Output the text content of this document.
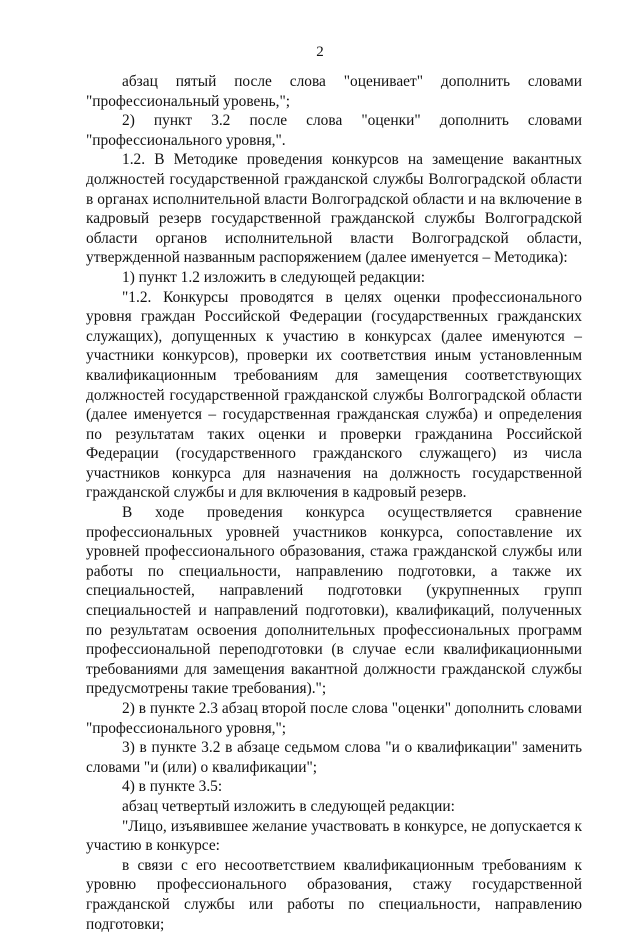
2

абзац пятый после слова "оценивает" дополнить словами "профессиональный уровень,";

2) пункт 3.2 после слова "оценки" дополнить словами "профессионального уровня,".

1.2. В Методике проведения конкурсов на замещение вакантных должностей государственной гражданской службы Волгоградской области в органах исполнительной власти Волгоградской области и на включение в кадровый резерв государственной гражданской службы Волгоградской области органов исполнительной власти Волгоградской области, утвержденной названным распоряжением (далее именуется – Методика):

1) пункт 1.2 изложить в следующей редакции:

"1.2. Конкурсы проводятся в целях оценки профессионального уровня граждан Российской Федерации (государственных гражданских служащих), допущенных к участию в конкурсах (далее именуются – участники конкурсов), проверки их соответствия иным установленным квалификационным требованиям для замещения соответствующих должностей государственной гражданской службы Волгоградской области (далее именуется – государственная гражданская служба) и определения по результатам таких оценки и проверки гражданина Российской Федерации (государственного гражданского служащего) из числа участников конкурса для назначения на должность государственной гражданской службы и для включения в кадровый резерв.

В ходе проведения конкурса осуществляется сравнение профессиональных уровней участников конкурса, сопоставление их уровней профессионального образования, стажа гражданской службы или работы по специальности, направлению подготовки, а также их специальностей, направлений подготовки (укрупненных групп специальностей и направлений подготовки), квалификаций, полученных по результатам освоения дополнительных профессиональных программ профессиональной переподготовки (в случае если квалификационными требованиями для замещения вакантной должности гражданской службы предусмотрены такие требования).";

2) в пункте 2.3 абзац второй после слова "оценки" дополнить словами "профессионального уровня,";

3) в пункте 3.2 в абзаце седьмом слова "и о квалификации" заменить словами "и (или) о квалификации";

4) в пункте 3.5:

абзац четвертый изложить в следующей редакции:

"Лицо, изъявившее желание участвовать в конкурсе, не допускается к участию в конкурсе:

в связи с его несоответствием квалификационным требованиям к уровню профессионального образования, стажу государственной гражданской службы или работы по специальности, направлению подготовки;
